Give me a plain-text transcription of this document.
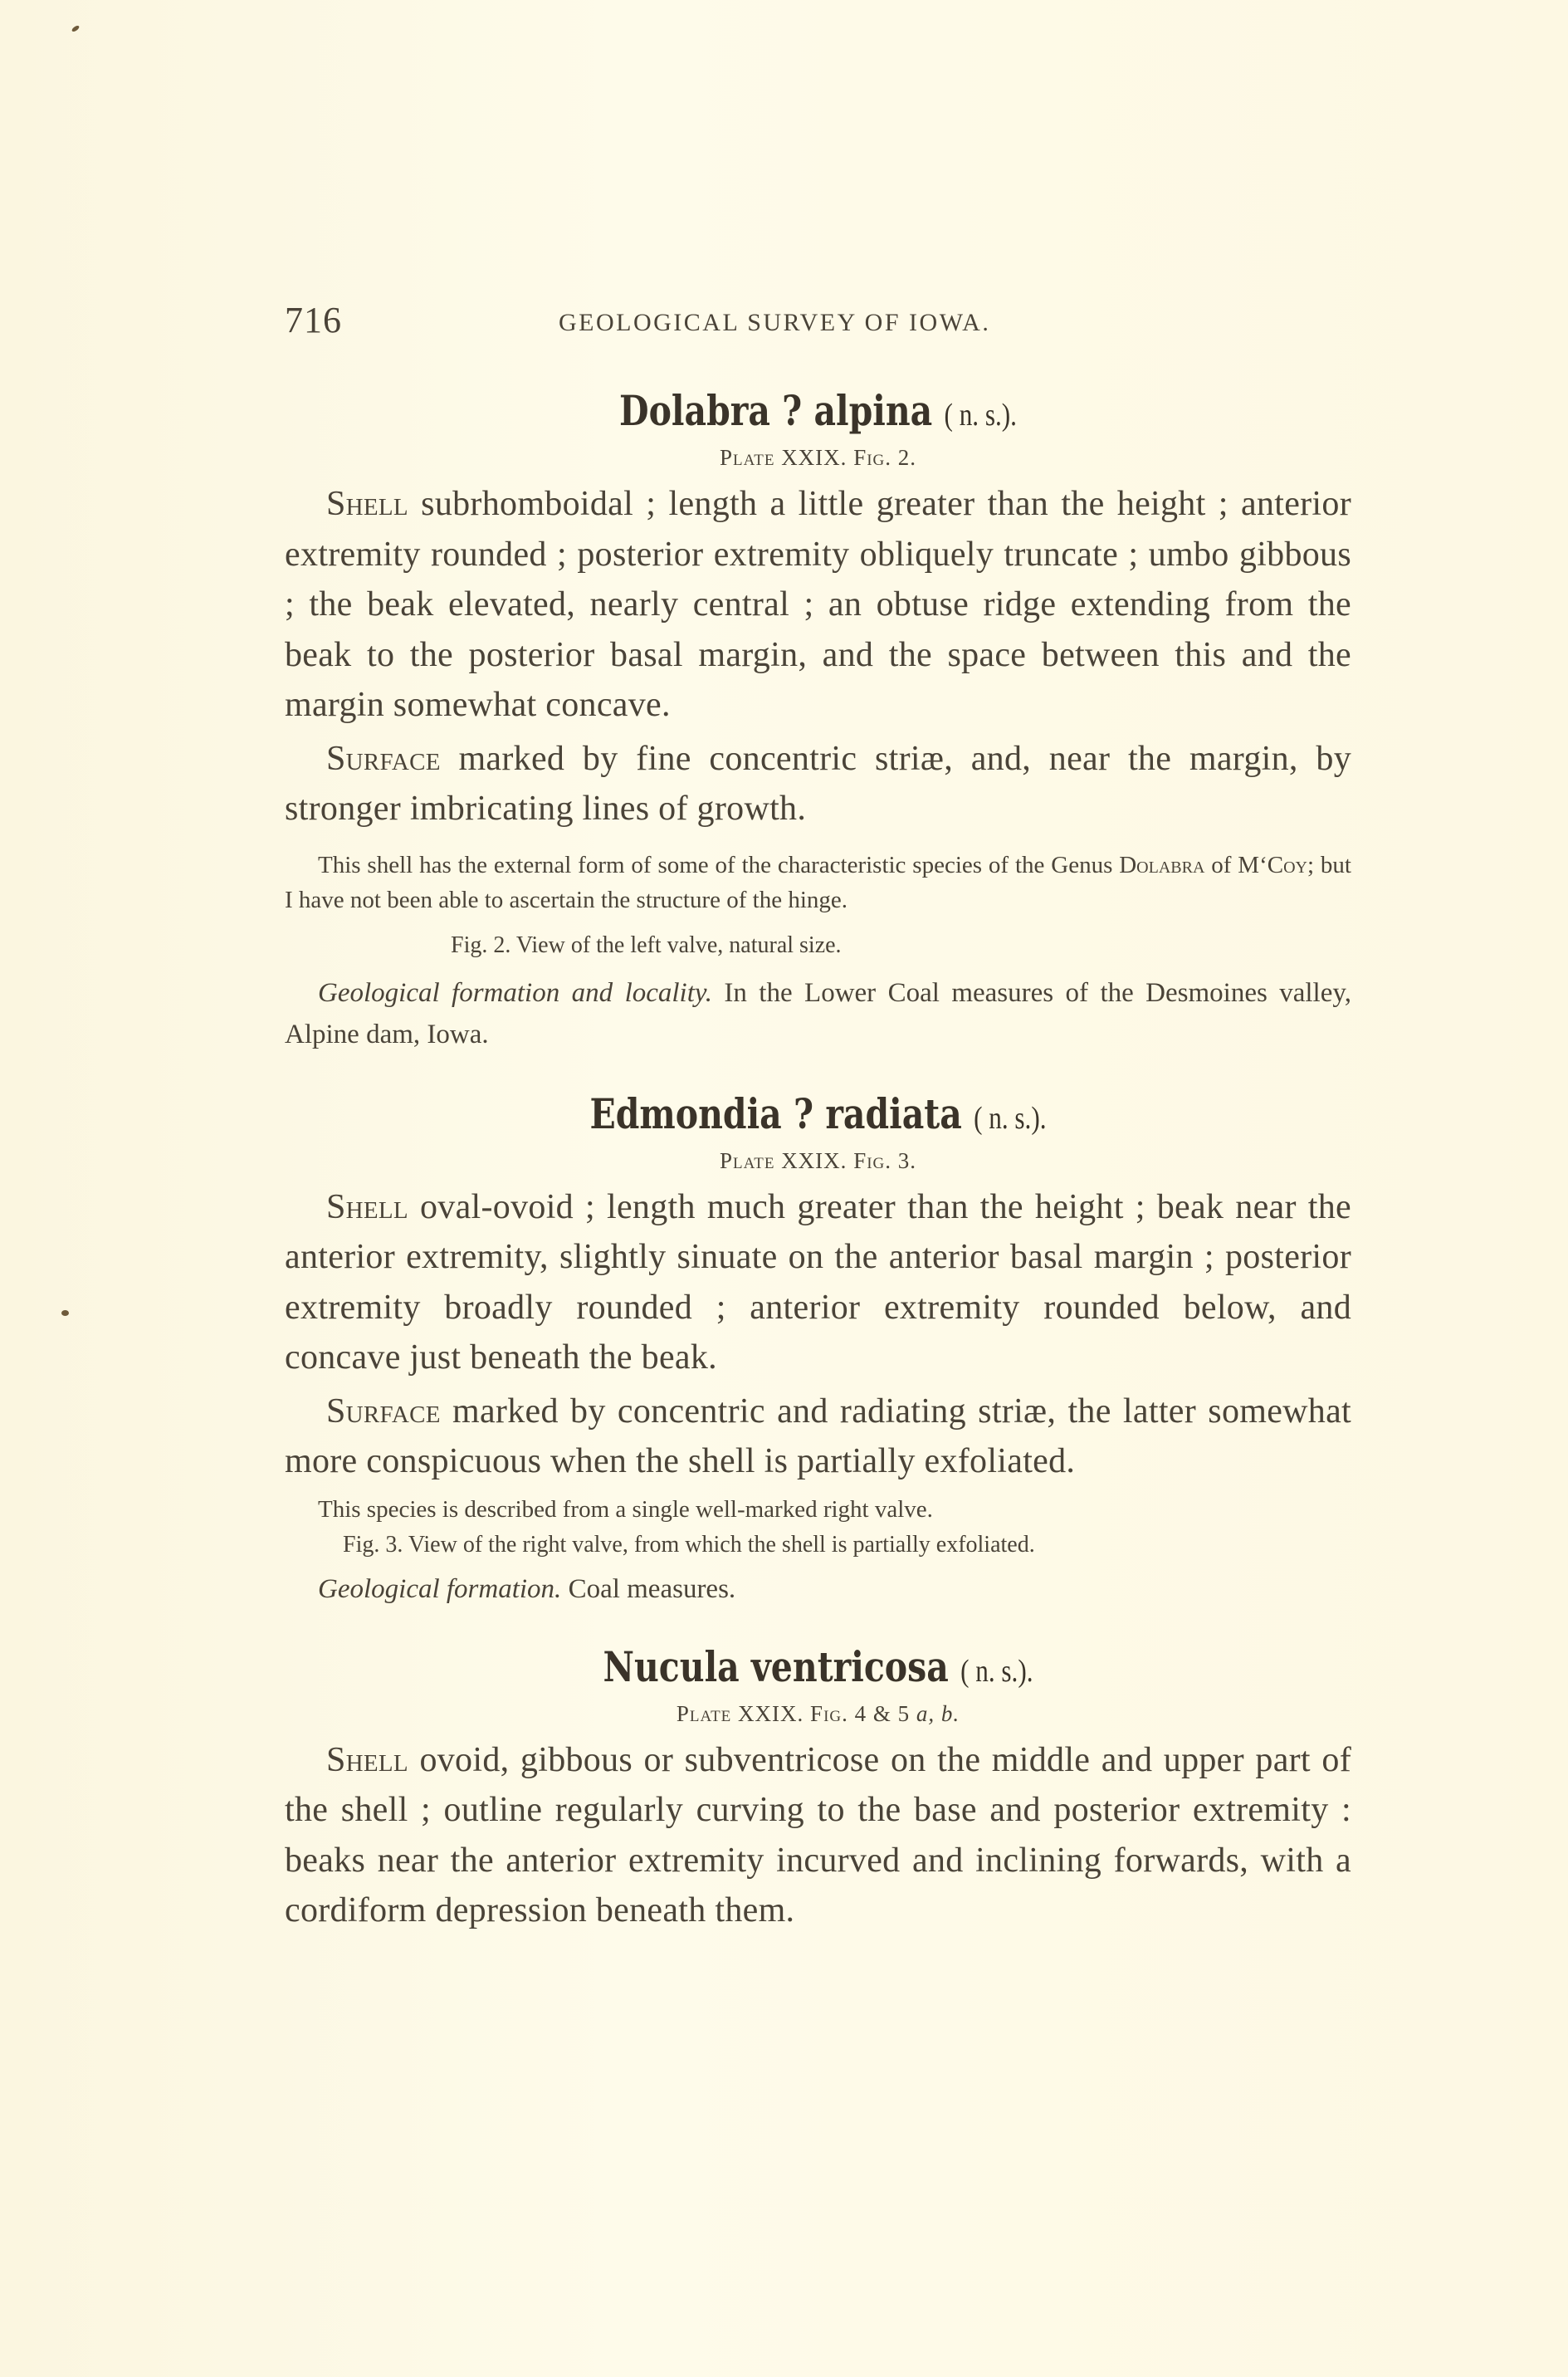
716	GEOLOGICAL SURVEY OF IOWA.
Dolabra ? alpina ( n. s.).

Plate XXIX. Fig. 2.

Shell subrhomboidal ; length a little greater than the height ; anterior extremity rounded ; posterior extremity obliquely truncate ; umbo gibbous ; the beak elevated, nearly central ; an obtuse ridge extending from the beak to the posterior basal margin, and the space between this and the margin somewhat concave.

Surface marked by fine concentric striæ, and, near the margin, by stronger imbricating lines of growth.

This shell has the external form of some of the characteristic species of the Genus Dolabra of M‘Coy; but I have not been able to ascertain the structure of the hinge.

Fig. 2. View of the left valve, natural size.

Geological formation and locality. In the Lower Coal measures of the Desmoines valley, Alpine dam, Iowa.

Edmondia ? radiata ( n. s.).

Plate XXIX. Fig. 3.

Shell oval-ovoid ; length much greater than the height ; beak near the anterior extremity, slightly sinuate on the anterior basal margin ; posterior extremity broadly rounded ; anterior extremity rounded below, and concave just beneath the beak.

Surface marked by concentric and radiating striæ, the latter somewhat more conspicuous when the shell is partially exfoliated.

This species is described from a single well-marked right valve.

Fig. 3. View of the right valve, from which the shell is partially exfoliated.

Geological formation. Coal measures.

Nucula ventricosa ( n. s.).

Plate XXIX. Fig. 4 & 5 a, b.

Shell ovoid, gibbous or subventricose on the middle and upper part of the shell ; outline regularly curving to the base and posterior extremity : beaks near the anterior extremity incurved and inclining forwards, with a cordiform depression beneath them.
